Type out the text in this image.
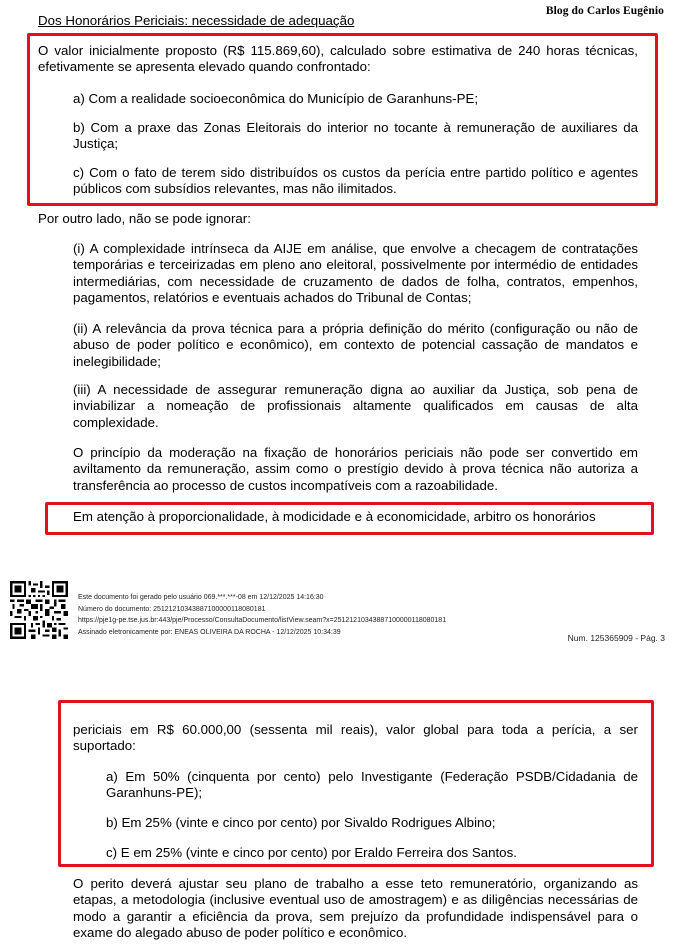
Blog do Carlos Eugênio
Dos Honorários Periciais: necessidade de adequação
O valor inicialmente proposto (R$ 115.869,60), calculado sobre estimativa de 240 horas técnicas, efetivamente se apresenta elevado quando confrontado:
a) Com a realidade socioeconômica do Município de Garanhuns-PE;
b) Com a praxe das Zonas Eleitorais do interior no tocante à remuneração de auxiliares da Justiça;
c) Com o fato de terem sido distribuídos os custos da perícia entre partido político e agentes públicos com subsídios relevantes, mas não ilimitados.
Por outro lado, não se pode ignorar:
(i) A complexidade intrínseca da AIJE em análise, que envolve a checagem de contratações temporárias e terceirizadas em pleno ano eleitoral, possivelmente por intermédio de entidades intermediárias, com necessidade de cruzamento de dados de folha, contratos, empenhos, pagamentos, relatórios e eventuais achados do Tribunal de Contas;
(ii) A relevância da prova técnica para a própria definição do mérito (configuração ou não de abuso de poder político e econômico), em contexto de potencial cassação de mandatos e inelegibilidade;
(iii) A necessidade de assegurar remuneração digna ao auxiliar da Justiça, sob pena de inviabilizar a nomeação de profissionais altamente qualificados em causas de alta complexidade.
O princípio da moderação na fixação de honorários periciais não pode ser convertido em aviltamento da remuneração, assim como o prestígio devido à prova técnica não autoriza a transferência ao processo de custos incompatíveis com a razoabilidade.
Em atenção à proporcionalidade, à modicidade e à economicidade, arbitro os honorários
Este documento foi gerado pelo usuário 069.***.***-08 em 12/12/2025 14:16:30
Número do documento: 25121210343887100000118080181
https://pje1g-pe.tse.jus.br:443/pje/Processo/ConsultaDocumento/listView.seam?x=25121210343887100000118080181
Assinado eletronicamente por: ENEAS OLIVEIRA DA ROCHA - 12/12/2025 10:34:39
Num. 125365909 - Pág. 3
periciais em R$ 60.000,00 (sessenta mil reais), valor global para toda a perícia, a ser suportado:
a) Em 50% (cinquenta por cento) pelo Investigante (Federação PSDB/Cidadania de Garanhuns-PE);
b) Em 25% (vinte e cinco por cento) por Sivaldo Rodrigues Albino;
c) E em 25% (vinte e cinco por cento) por Eraldo Ferreira dos Santos.
O perito deverá ajustar seu plano de trabalho a esse teto remuneratório, organizando as etapas, a metodologia (inclusive eventual uso de amostragem) e as diligências necessárias de modo a garantir a eficiência da prova, sem prejuízo da profundidade indispensável para o exame do alegado abuso de poder político e econômico.
